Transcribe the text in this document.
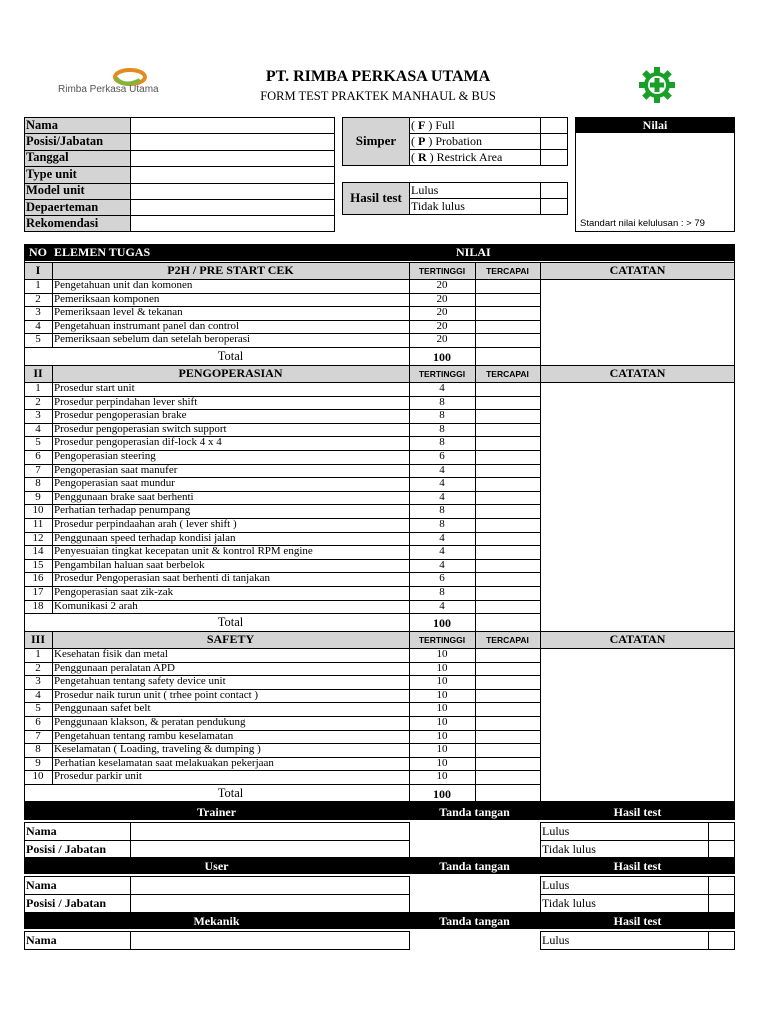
Rimba Perkasa Utama
PT. RIMBA PERKASA UTAMA
FORM TEST PRAKTEK MANHAUL & BUS
Simper
Hasil test Lulus
Tidak lulus
Nilai
Standart nilai kelulusan : > 79
NO ELEMEN TUGAS	NILAI
Nama
Posisi/Jabatan
Tanggal
Type unit
Model unit
Depaerteman
Rekomendasi
( F ) Full
( P ) Probation
( R ) Restrick Area
I	P2H / PRE START CEK	TERTINGGI	TERCAPAI	CATATAN
1	Pengetahuan unit dan komonen	20
2	Pemeriksaan komponen	20
3	Pemeriksaan level & tekanan	20
4	Pengetahuan instrumant panel dan control	20
5	Pemeriksaan sebelum dan setelah beroperasi	20
Total	100
II	PENGOPERASIAN	TERTINGGI	TERCAPAI	CATATAN
1	Prosedur start unit	4
2	Prosedur perpindahan lever shift	8
3	Prosedur pengoperasian brake	8
4	Prosedur pengoperasian switch support	8
5	Prosedur pengoperasian dif-lock 4 x 4	8
6	Pengoperasian steering	6
7	Pengoperasian saat manufer	4
8	Pengoperasian saat mundur	4
9	Penggunaan brake saat berhenti	4
10 Perhatian terhadap penumpang	8
11 Prosedur perpindaahan arah ( lever shift )	8
12 Penggunaan speed terhadap kondisi jalan	4
14 Penyesuaian tingkat kecepatan unit & kontrol RPM engine	4
15 Pengambilan haluan saat berbelok	4
16 Prosedur Pengoperasian saat berhenti di tanjakan	6
17 Pengoperasian saat zik-zak	8
18 Komunikasi 2 arah	4
Total	100
III	SAFETY	TERTINGGI	TERCAPAI	CATATAN
1	Kesehatan fisik dan metal	10
2	Penggunaan peralatan APD	10
3	Pengetahuan tentang safety device unit	10
4	Prosedur naik turun unit ( trhee point contact )	10
5	Penggunaan safet belt	10
6	Penggunaan klakson, & peratan pendukung	10
7	Pengetahuan tentang rambu keselamatan	10
8	Keselamatan ( Loading, traveling & dumping )	10
9	Perhatian keselamatan saat melakuakan pekerjaan	10
10 Prosedur parkir unit	10
Total	100
Trainer	Tanda tangan	Hasil test
Nama	Lulus
Posisi / Jabatan	Tidak lulus
User	Tanda tangan	Hasil test
Nama	Lulus
Posisi / Jabatan	Tidak lulus
Mekanik	Tanda tangan	Hasil test
Nama	Lulus
